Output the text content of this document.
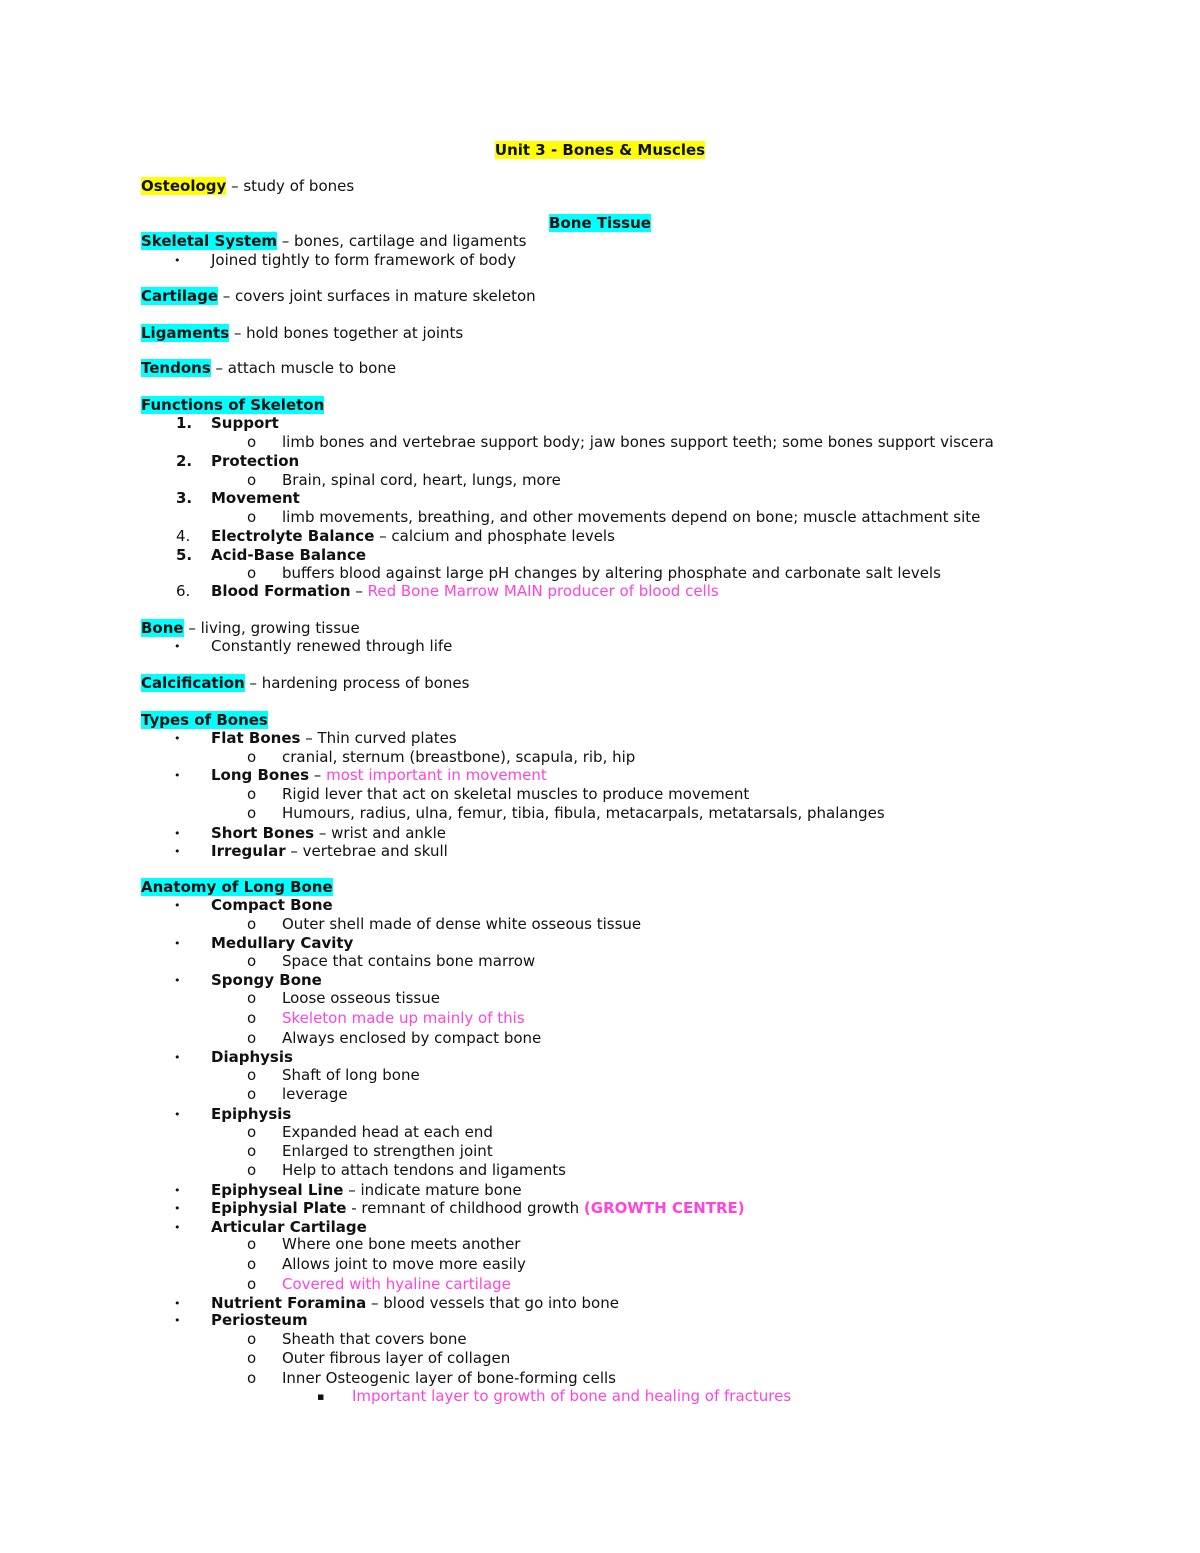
Unit 3 - Bones & Muscles
Osteology – study of bones
Bone Tissue
Skeletal System – bones, cartilage and ligaments
• Joined tightly to form framework of body
Cartilage – covers joint surfaces in mature skeleton
Ligaments – hold bones together at joints
Tendons – attach muscle to bone
Functions of Skeleton
1. Support
o limb bones and vertebrae support body; jaw bones support teeth; some bones support viscera
2. Protection
o Brain, spinal cord, heart, lungs, more
3. Movement
o limb movements, breathing, and other movements depend on bone; muscle attachment site
4. Electrolyte Balance – calcium and phosphate levels
5. Acid-Base Balance
o buffers blood against large pH changes by altering phosphate and carbonate salt levels
6. Blood Formation – Red Bone Marrow MAIN producer of blood cells
Bone – living, growing tissue
• Constantly renewed through life
Calcification – hardening process of bones
Types of Bones
• Flat Bones – Thin curved plates
o cranial, sternum (breastbone), scapula, rib, hip
• Long Bones – most important in movement
o Rigid lever that act on skeletal muscles to produce movement
o Humours, radius, ulna, femur, tibia, fibula, metacarpals, metatarsals, phalanges
• Short Bones – wrist and ankle
• Irregular – vertebrae and skull
Anatomy of Long Bone
• Compact Bone
o Outer shell made of dense white osseous tissue
• Medullary Cavity
o Space that contains bone marrow
• Spongy Bone
o Loose osseous tissue
o Skeleton made up mainly of this
o Always enclosed by compact bone
• Diaphysis
o Shaft of long bone
o leverage
• Epiphysis
o Expanded head at each end
o Enlarged to strengthen joint
o Help to attach tendons and ligaments
• Epiphyseal Line – indicate mature bone
• Epiphysial Plate - remnant of childhood growth (GROWTH CENTRE)
• Articular Cartilage
o Where one bone meets another
o Allows joint to move more easily
o Covered with hyaline cartilage
• Nutrient Foramina – blood vessels that go into bone
• Periosteum
o Sheath that covers bone
o Outer fibrous layer of collagen
o Inner Osteogenic layer of bone-forming cells
▪ Important layer to growth of bone and healing of fractures
